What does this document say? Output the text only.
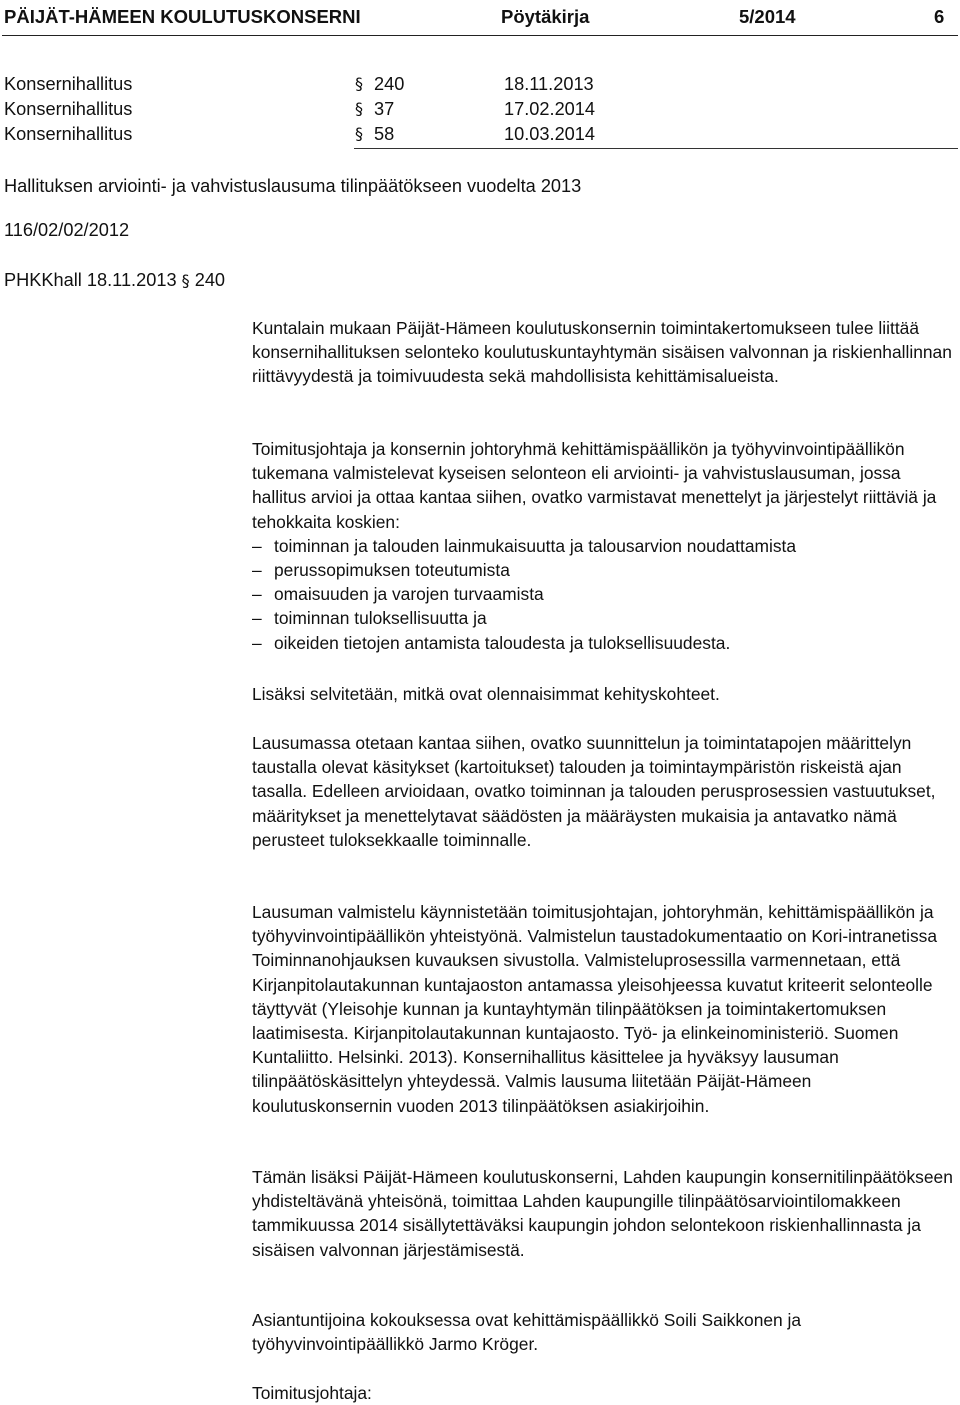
PÄIJÄT-HÄMEEN KOULUTUSKONSERNI	Pöytäkirja	5/2014	6
Konsernihallitus	§ 240	18.11.2013
Konsernihallitus	§ 37	17.02.2014
Konsernihallitus	§ 58	10.03.2014
Hallituksen arviointi- ja vahvistuslausuma tilinpäätökseen vuodelta 2013
116/02/02/2012
PHKKhall 18.11.2013 § 240

Kuntalain mukaan Päijät-Hämeen koulutuskonsernin toimintakertomukseen tulee liittää konsernihallituksen selonteko koulutuskuntayhtymän sisäisen valvonnan ja riskienhallinnan riittävyydestä ja toimivuudesta sekä mahdollisista kehittämisalueista.

Toimitusjohtaja ja konsernin johtoryhmä kehittämispäällikön ja työhyvinvointipäällikön tukemana valmistelevat kyseisen selonteon eli arviointi- ja vahvistuslausuman, jossa hallitus arvioi ja ottaa kantaa siihen, ovatko varmistavat menettelyt ja järjestelyt riittäviä ja tehokkaita koskien:

– toiminnan ja talouden lainmukaisuutta ja talousarvion noudattamista
– perussopimuksen toteutumista
– omaisuuden ja varojen turvaamista
– toiminnan tuloksellisuutta ja
– oikeiden tietojen antamista taloudesta ja tuloksellisuudesta.

Lisäksi selvitetään, mitkä ovat olennaisimmat kehityskohteet.

Lausumassa otetaan kantaa siihen, ovatko suunnittelun ja toimintatapojen määrittelyn taustalla olevat käsitykset (kartoitukset) talouden ja toimintaympäristön riskeistä ajan tasalla. Edelleen arvioidaan, ovatko toiminnan ja talouden perusprosessien vastuutukset, määritykset ja menettelytavat säädösten ja määräysten mukaisia ja antavatko nämä perusteet tuloksekkaalle toiminnalle.

Lausuman valmistelu käynnistetään toimitusjohtajan, johtoryhmän, kehittämispäällikön ja työhyvinvointipäällikön yhteistyönä. Valmistelun taustadokumentaatio on Kori-intranetissa Toiminnanohjauksen kuvauksen sivustolla. Valmisteluprosessilla varmennetaan, että Kirjanpitolautakunnan kuntajaoston antamassa yleisohjeessa kuvatut kriteerit selonteolle täyttyvät (Yleisohje kunnan ja kuntayhtymän tilinpäätöksen ja toimintakertomuksen laatimisesta. Kirjanpitolautakunnan kuntajaosto. Työ- ja elinkeinoministeriö. Suomen Kuntaliitto. Helsinki. 2013). Konsernihallitus käsittelee ja hyväksyy lausuman tilinpäätöskäsittelyn yhteydessä. Valmis lausuma liitetään Päijät-Hämeen koulutuskonsernin vuoden 2013 tilinpäätöksen asiakirjoihin.

Tämän lisäksi Päijät-Hämeen koulutuskonserni, Lahden kaupungin konsernitilinpäätökseen yhdisteltävänä yhteisönä, toimittaa Lahden kaupungille tilinpäätösarviointilomakkeen tammikuussa 2014 sisällytettäväksi kaupungin johdon selontekoon riskienhallinnasta ja sisäisen valvonnan järjestämisestä.

Asiantuntijoina kokouksessa ovat kehittämispäällikkö Soili Saikkonen ja työhyvinvointipäällikkö Jarmo Kröger.

Toimitusjohtaja:
